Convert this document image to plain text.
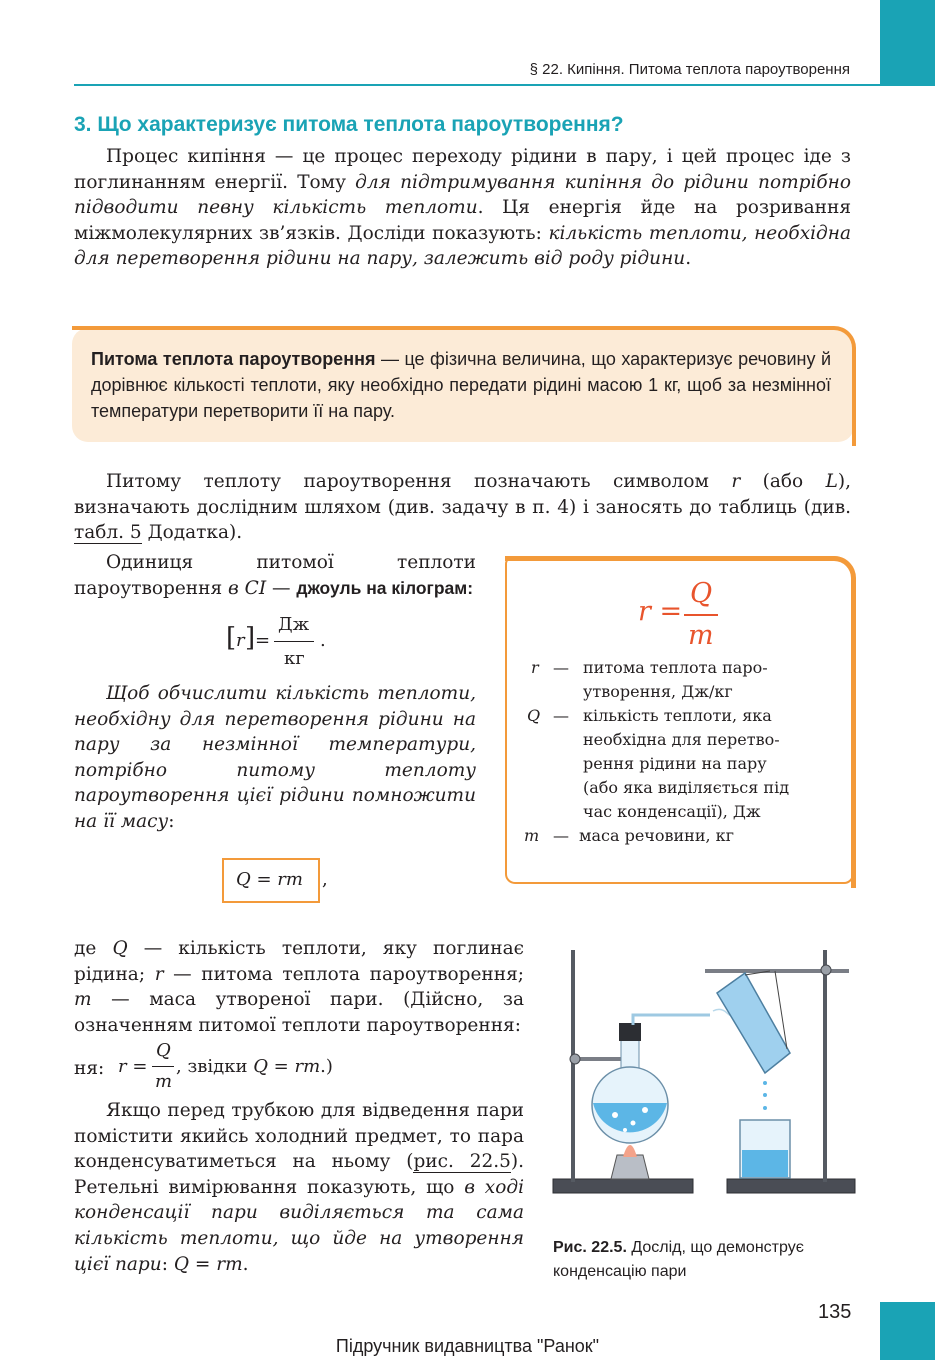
§ 22. Кипіння. Питома теплота пароутворення
3. Що характеризує питома теплота пароутворення?
Процес кипіння — це процес переходу рідини в пару, і цей процес іде з поглинанням енергії. Тому для підтримування кипіння до рідини потрібно підводити певну кількість теплоти. Ця енергія йде на розривання міжмолекулярних зв’язків. Досліди показують: кількість теплоти, необхідна для перетворення рідини на пару, залежить від роду рідини.
Питома теплота пароутворення — це фізична величина, що характеризує речовину й дорівнює кількості теплоти, яку необхідно передати рідині масою 1 кг, щоб за незмінної температури перетворити її на пару.
Питому теплоту пароутворення позначають символом r (або L), визначають дослідним шляхом (див. задачу в п. 4) і заносять до таблиць (див. табл. 5 Додатка).
Одиниця питомої теплоти пароутворення в СІ — джоуль на кілограм:
[ r ] =
Дж
кг
.
Щоб обчислити кількість теплоти, необхідну для перетворення рідини на пару за незмінної температури, потрібно питому теплоту пароутворення цієї рідини помножити на її масу:
Q = rm ,
r =
Q
m
r — питома теплота паро-
утворення, Дж/кг
Q — кількість теплоти, яка
необхідна для перетво-
рення рідини на пару
(або яка виділяється під
час конденсації), Дж
m — маса речовини, кг
де Q — кількість теплоти, яку поглинає рідина; r — питома теплота пароутворення; m — маса утвореної пари. (Дійсно, за означенням питомої теплоти пароутворення:
r =
Q
m
, звідки Q = rm.)
ня:
Якщо перед трубкою для відведення пари помістити якийсь холодний предмет, то пара конденсуватиметься на ньому (рис. 22.5). Ретельні вимірювання показують, що в ході конденсації пари виділяється та сама кількість теплоти, що йде на утворення цієї пари: Q = rm.
Рис. 22.5. Дослід, що демонструє конденсацію пари
135
Підручник видавництва "Ранок"
